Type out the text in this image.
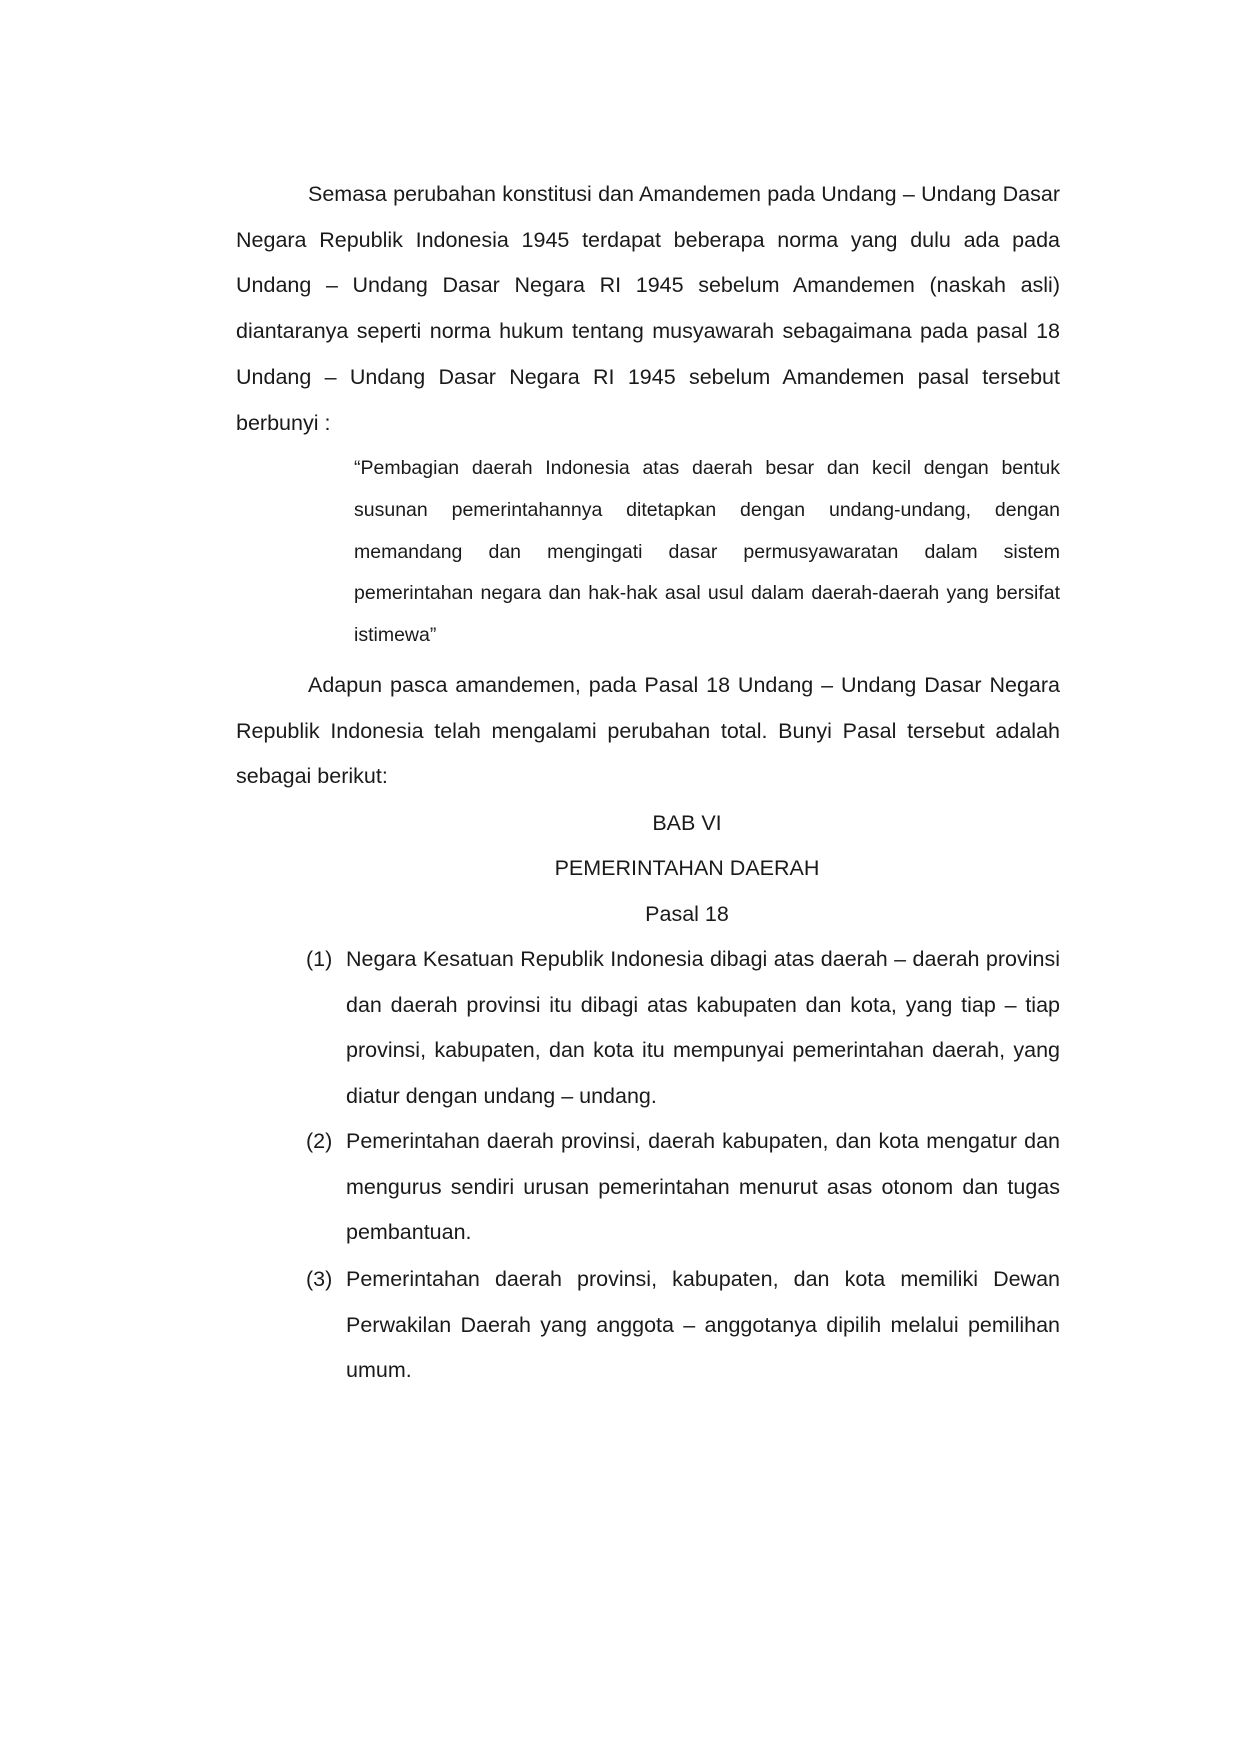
Semasa perubahan konstitusi dan Amandemen pada Undang – Undang Dasar Negara Republik Indonesia 1945 terdapat beberapa norma yang dulu ada pada Undang – Undang Dasar Negara RI 1945 sebelum Amandemen (naskah asli) diantaranya seperti norma hukum tentang musyawarah sebagaimana pada pasal 18 Undang – Undang Dasar Negara RI 1945 sebelum Amandemen pasal tersebut berbunyi :

“Pembagian daerah Indonesia atas daerah besar dan kecil dengan bentuk susunan pemerintahannya ditetapkan dengan undang-undang, dengan memandang dan mengingati dasar permusyawaratan dalam sistem pemerintahan negara dan hak-hak asal usul dalam daerah-daerah yang bersifat istimewa”

Adapun pasca amandemen, pada Pasal 18 Undang – Undang Dasar Negara Republik Indonesia telah mengalami perubahan total. Bunyi Pasal tersebut adalah sebagai berikut:

BAB VI

PEMERINTAHAN DAERAH

Pasal 18

(1) Negara Kesatuan Republik Indonesia dibagi atas daerah – daerah provinsi dan daerah provinsi itu dibagi atas kabupaten dan kota, yang tiap – tiap provinsi, kabupaten, dan kota itu mempunyai pemerintahan daerah, yang diatur dengan undang – undang.

(2) Pemerintahan daerah provinsi, daerah kabupaten, dan kota mengatur dan mengurus sendiri urusan pemerintahan menurut asas otonom dan tugas pembantuan.

(3) Pemerintahan daerah provinsi, kabupaten, dan kota memiliki Dewan Perwakilan Daerah yang anggota – anggotanya dipilih melalui pemilihan umum.
